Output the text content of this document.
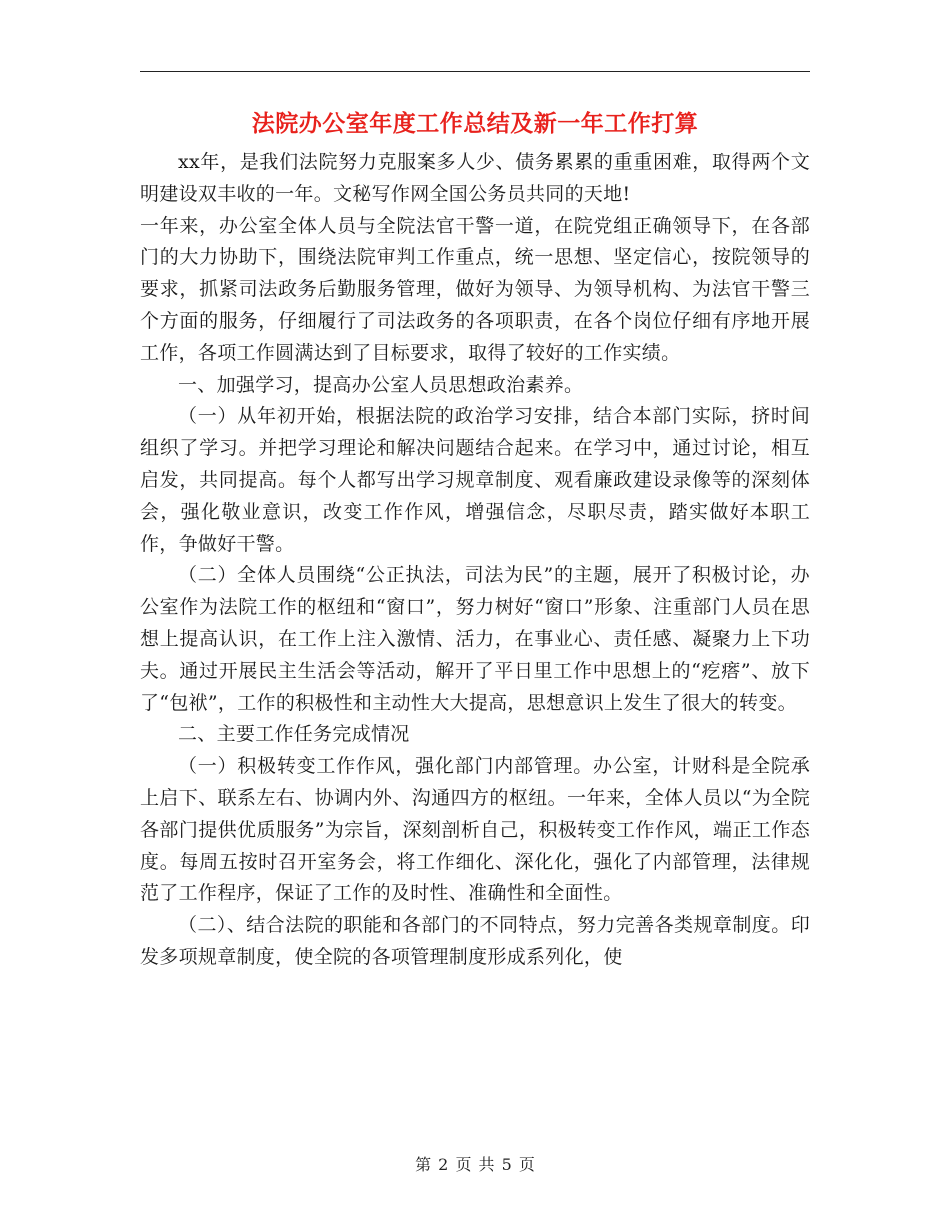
法院办公室年度工作总结及新一年工作打算

xx年，是我们法院努力克服案多人少、债务累累的重重困难，取得两个文明建设双丰收的一年。文秘写作网全国公务员共同的天地!

一年来，办公室全体人员与全院法官干警一道，在院党组正确领导下，在各部门的大力协助下，围绕法院审判工作重点，统一思想、坚定信心，按院领导的要求，抓紧司法政务后勤服务管理，做好为领导、为领导机构、为法官干警三个方面的服务，仔细履行了司法政务的各项职责，在各个岗位仔细有序地开展工作，各项工作圆满达到了目标要求，取得了较好的工作实绩。

一、加强学习，提高办公室人员思想政治素养。

（一）从年初开始，根据法院的政治学习安排，结合本部门实际，挤时间组织了学习。并把学习理论和解决问题结合起来。在学习中，通过讨论，相互启发，共同提高。每个人都写出学习规章制度、观看廉政建设录像等的深刻体会，强化敬业意识，改变工作作风，增强信念，尽职尽责，踏实做好本职工作，争做好干警。

（二）全体人员围绕“公正执法，司法为民”的主题，展开了积极讨论，办公室作为法院工作的枢纽和“窗口”，努力树好“窗口”形象、注重部门人员在思想上提高认识，在工作上注入激情、活力，在事业心、责任感、凝聚力上下功夫。通过开展民主生活会等活动，解开了平日里工作中思想上的“疙瘩”、放下了“包袱”，工作的积极性和主动性大大提高，思想意识上发生了很大的转变。

二、主要工作任务完成情况

（一）积极转变工作作风，强化部门内部管理。办公室，计财科是全院承上启下、联系左右、协调内外、沟通四方的枢纽。一年来，全体人员以“为全院各部门提供优质服务”为宗旨，深刻剖析自己，积极转变工作作风，端正工作态度。每周五按时召开室务会，将工作细化、深化化，强化了内部管理，法律规范了工作程序，保证了工作的及时性、准确性和全面性。

（二）、结合法院的职能和各部门的不同特点，努力完善各类规章制度。印发多项规章制度，使全院的各项管理制度形成系列化，使

第 2 页 共 5 页
